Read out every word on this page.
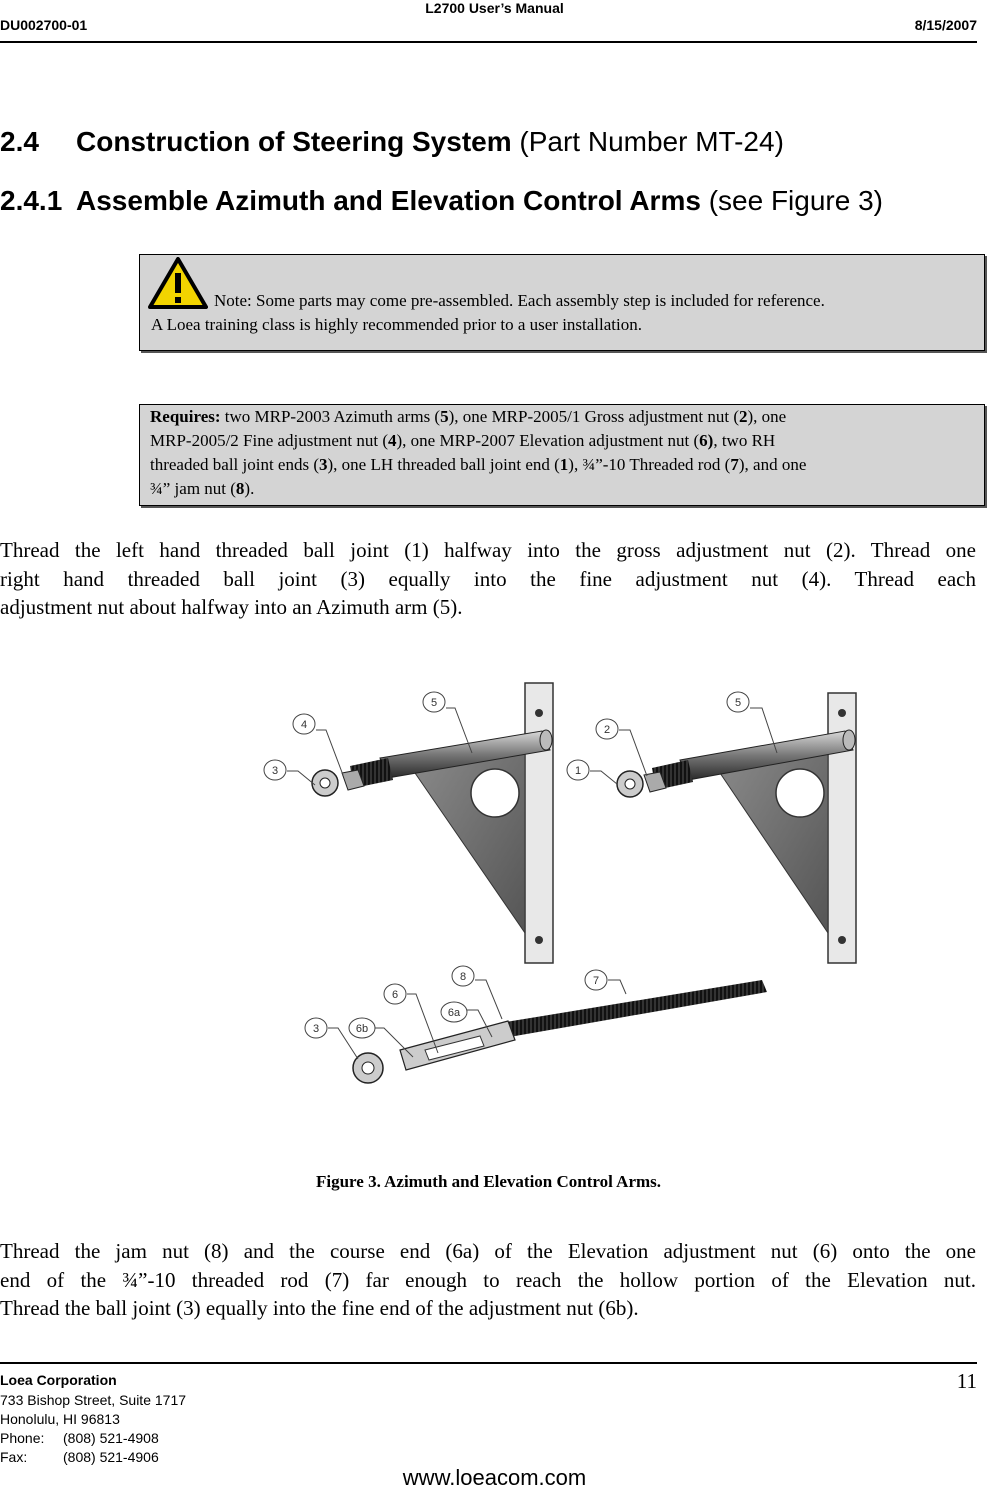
L2700 User’s Manual
DU002700-01	8/15/2007
2.4 Construction of Steering System (Part Number MT-24)
2.4.1 Assemble Azimuth and Elevation Control Arms (see Figure 3)
Note: Some parts may come pre-assembled. Each assembly step is included for reference.
A Loea training class is highly recommended prior to a user installation.

Requires: two MRP-2003 Azimuth arms (5), one MRP-2005/1 Gross adjustment nut (2), one

MRP-2005/2 Fine adjustment nut (4), one MRP-2007 Elevation adjustment nut (6), two RH

threaded ball joint ends (3), one LH threaded ball joint end (1), ¾”-10 Threaded rod (7), and one

¾” jam nut (8).

Thread the left hand threaded ball joint (1) halfway into the gross adjustment nut (2). Thread one
right hand threaded ball joint (3) equally into the fine adjustment nut (4). Thread each
adjustment nut about halfway into an Azimuth arm (5).
5
4
3
5
2
1
8	7
6
6a
6b
3
Figure 3. Azimuth and Elevation Control Arms.
Thread the jam nut (8) and the course end (6a) of the Elevation adjustment nut (6) onto the one
end of the ¾”-10 threaded rod (7) far enough to reach the hollow portion of the Elevation nut.
Thread the ball joint (3) equally into the fine end of the adjustment nut (6b).
Loea Corporation
733 Bishop Street, Suite 1717
Honolulu, HI 96813
Phone: (808) 521-4908
Fax:	(808) 521-4906
11
www.loeacom.com
